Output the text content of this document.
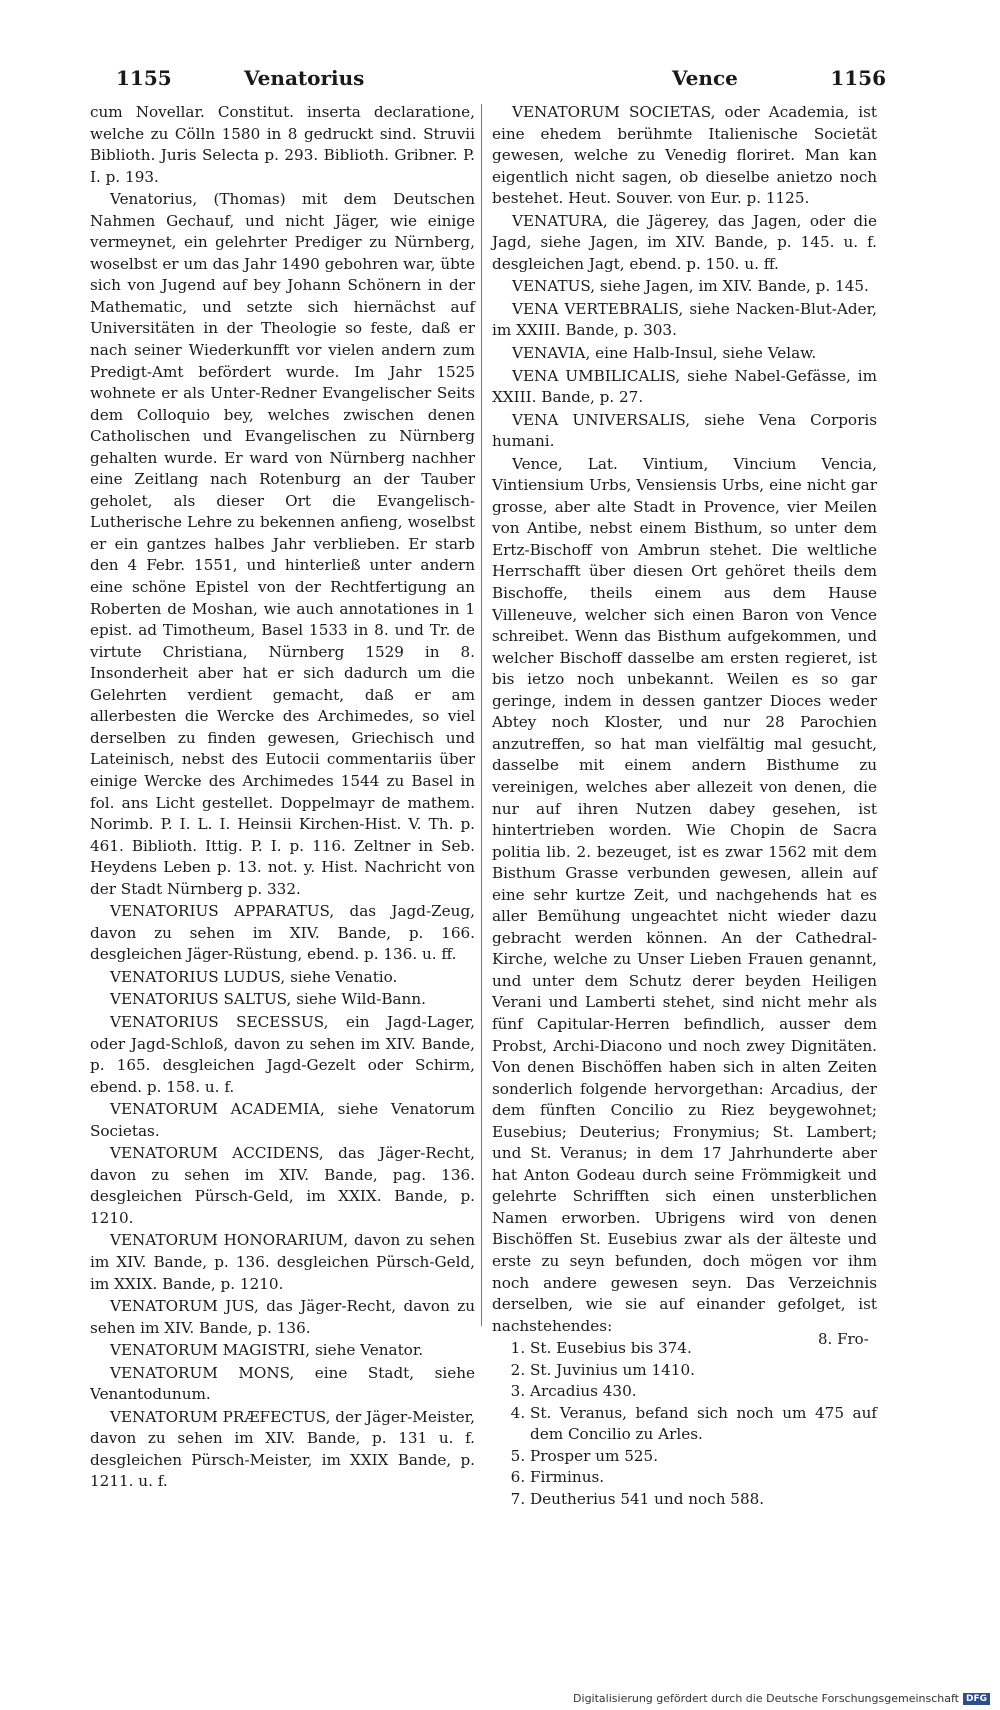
1155	Venatorius	Vence	1156

cum Novellar. Constitut. inserta declaratione, welche zu Cölln 1580 in 8 gedruckt sind. Struvii Biblioth. Juris Selecta p. 293. Biblioth. Gribner. P. I. p. 193.

Venatorius, (Thomas) mit dem Deutschen Nahmen Gechauf, und nicht Jäger, wie einige vermeynet, ein gelehrter Prediger zu Nürnberg, woselbst er um das Jahr 1490 gebohren war, übte sich von Jugend auf bey Johann Schönern in der Mathematic, und setzte sich hiernächst auf Universitäten in der Theologie so feste, daß er nach seiner Wiederkunfft vor vielen andern zum Predigt-Amt befördert wurde. Im Jahr 1525 wohnete er als Unter-Redner Evangelischer Seits dem Colloquio bey, welches zwischen denen Catholischen und Evangelischen zu Nürnberg gehalten wurde. Er ward von Nürnberg nachher eine Zeitlang nach Rotenburg an der Tauber geholet, als dieser Ort die Evangelisch-Lutherische Lehre zu bekennen anfieng, woselbst er ein gantzes halbes Jahr verblieben. Er starb den 4 Febr. 1551, und hinterließ unter andern eine schöne Epistel von der Rechtfertigung an Roberten de Moshan, wie auch annotationes in 1 epist. ad Timotheum, Basel 1533 in 8. und Tr. de virtute Christiana, Nürnberg 1529 in 8. Insonderheit aber hat er sich dadurch um die Gelehrten verdient gemacht, daß er am allerbesten die Wercke des Archimedes, so viel derselben zu finden gewesen, Griechisch und Lateinisch, nebst des Eutocii commentariis über einige Wercke des Archimedes 1544 zu Basel in fol. ans Licht gestellet. Doppelmayr de mathem. Norimb. P. I. L. I. Heinsii Kirchen-Hist. V. Th. p. 461. Biblioth. Ittig. P. I. p. 116. Zeltner in Seb. Heydens Leben p. 13. not. y. Hist. Nachricht von der Stadt Nürnberg p. 332.

VENATORIUS APPARATUS, das Jagd-Zeug, davon zu sehen im XIV. Bande, p. 166. desgleichen Jäger-Rüstung, ebend. p. 136. u. ff.

VENATORIUS LUDUS, siehe Venatio.

VENATORIUS SALTUS, siehe Wild-Bann.

VENATORIUS SECESSUS, ein Jagd-Lager, oder Jagd-Schloß, davon zu sehen im XIV. Bande, p. 165. desgleichen Jagd-Gezelt oder Schirm, ebend. p. 158. u. f.

VENATORUM ACADEMIA, siehe Venatorum Societas.

VENATORUM ACCIDENS, das Jäger-Recht, davon zu sehen im XIV. Bande, pag. 136. desgleichen Pürsch-Geld, im XXIX. Bande, p. 1210.

VENATORUM HONORARIUM, davon zu sehen im XIV. Bande, p. 136. desgleichen Pürsch-Geld, im XXIX. Bande, p. 1210.

VENATORUM JUS, das Jäger-Recht, davon zu sehen im XIV. Bande, p. 136.

VENATORUM MAGISTRI, siehe Venator.

VENATORUM MONS, eine Stadt, siehe Venantodunum.

VENATORUM PRÆFECTUS, der Jäger-Meister, davon zu sehen im XIV. Bande, p. 131 u. f. desgleichen Pürsch-Meister, im XXIX Bande, p. 1211. u. f.

VENATORUM SOCIETAS, oder Academia, ist eine ehedem berühmte Italienische Societät gewesen, welche zu Venedig floriret. Man kan eigentlich nicht sagen, ob dieselbe anietzo noch bestehet. Heut. Souver. von Eur. p. 1125.

VENATURA, die Jägerey, das Jagen, oder die Jagd, siehe Jagen, im XIV. Bande, p. 145. u. f. desgleichen Jagt, ebend. p. 150. u. ff.

VENATUS, siehe Jagen, im XIV. Bande, p. 145.

VENA VERTEBRALIS, siehe Nacken-Blut-Ader, im XXIII. Bande, p. 303.

VENAVIA, eine Halb-Insul, siehe Velaw.

VENA UMBILICALIS, siehe Nabel-Gefässe, im XXIII. Bande, p. 27.

VENA UNIVERSALIS, siehe Vena Corporis humani.

Vence, Lat. Vintium, Vincium Vencia, Vintiensium Urbs, Vensiensis Urbs, eine nicht gar grosse, aber alte Stadt in Provence, vier Meilen von Antibe, nebst einem Bisthum, so unter dem Ertz-Bischoff von Ambrun stehet. Die weltliche Herrschafft über diesen Ort gehöret theils dem Bischoffe, theils einem aus dem Hause Villeneuve, welcher sich einen Baron von Vence schreibet. Wenn das Bisthum aufgekommen, und welcher Bischoff dasselbe am ersten regieret, ist bis ietzo noch unbekannt. Weilen es so gar geringe, indem in dessen gantzer Dioces weder Abtey noch Kloster, und nur 28 Parochien anzutreffen, so hat man vielfältig mal gesucht, dasselbe mit einem andern Bisthume zu vereinigen, welches aber allezeit von denen, die nur auf ihren Nutzen dabey gesehen, ist hintertrieben worden. Wie Chopin de Sacra politia lib. 2. bezeuget, ist es zwar 1562 mit dem Bisthum Grasse verbunden gewesen, allein auf eine sehr kurtze Zeit, und nachgehends hat es aller Bemühung ungeachtet nicht wieder dazu gebracht werden können. An der Cathedral-Kirche, welche zu Unser Lieben Frauen genannt, und unter dem Schutz derer beyden Heiligen Verani und Lamberti stehet, sind nicht mehr als fünf Capitular-Herren befindlich, ausser dem Probst, Archi-Diacono und noch zwey Dignitäten. Von denen Bischöffen haben sich in alten Zeiten sonderlich folgende hervorgethan: Arcadius, der dem fünften Concilio zu Riez beygewohnet; Eusebius; Deuterius; Fronymius; St. Lambert; und St. Veranus; in dem 17 Jahrhunderte aber hat Anton Godeau durch seine Frömmigkeit und gelehrte Schrifften sich einen unsterblichen Namen erworben. Ubrigens wird von denen Bischöffen St. Eusebius zwar als der älteste und erste zu seyn befunden, doch mögen vor ihm noch andere gewesen seyn. Das Verzeichnis derselben, wie sie auf einander gefolget, ist nachstehendes:

1. St. Eusebius bis 374.
2. St. Juvinius um 1410.
3. Arcadius 430.
4. St. Veranus, befand sich noch um 475 auf dem Concilio zu Arles.
5. Prosper um 525.
6. Firminus.
7. Deutherius 541 und noch 588.
8. Fro-
Digitalisierung gefördert durch die Deutsche Forschungsgemeinschaft DFG
